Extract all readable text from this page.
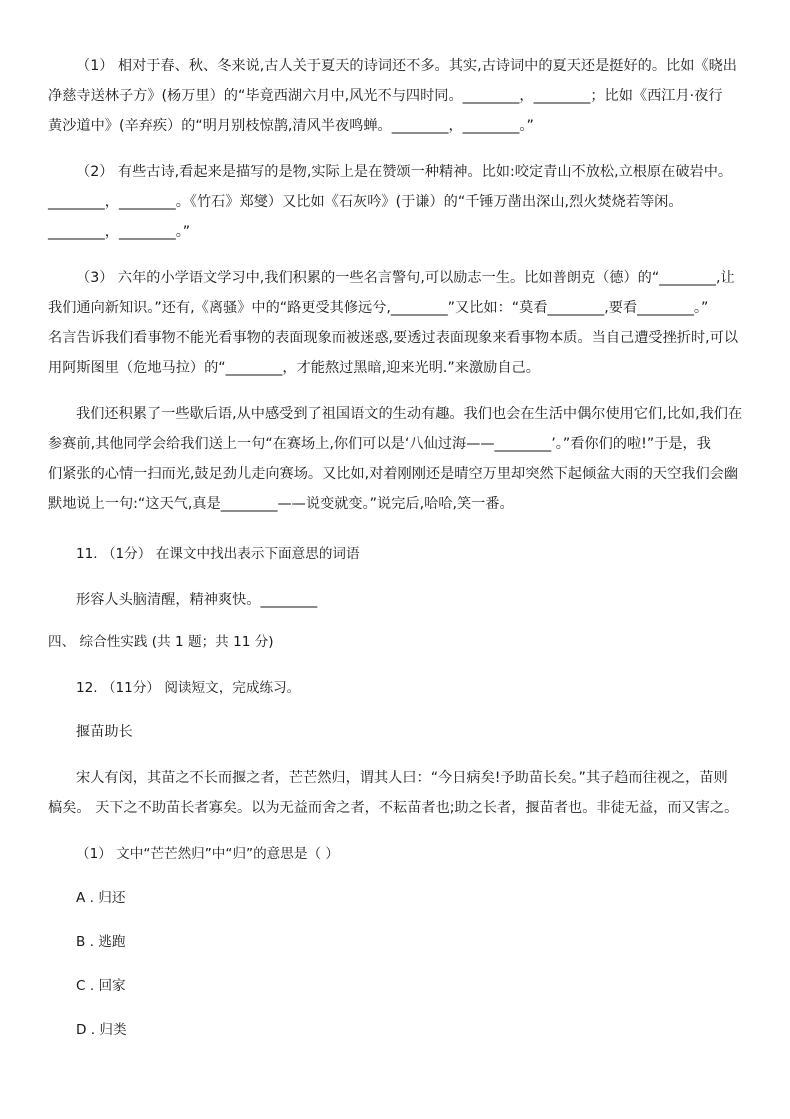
（1） 相对于春、秋、冬来说,古人关于夏天的诗词还不多。其实,古诗词中的夏天还是挺好的。比如《晓出
净慈寺送林子方》(杨万里）的“毕竟西湖六月中,风光不与四时同。________，________；比如《西江月·夜行
黄沙道中》(辛弃疾）的“明月别枝惊鹊,清风半夜鸣蝉。________，________。”
（2） 有些古诗,看起来是描写的是物,实际上是在赞颂一种精神。比如:咬定青山不放松,立根原在破岩中。
________，________。《竹石》郑燮）又比如《石灰吟》(于谦）的“千锤万凿出深山,烈火焚烧若等闲。
________，________。”
（3） 六年的小学语文学习中,我们积累的一些名言警句,可以励志一生。比如普朗克（德）的“________,让
我们通向新知识。”还有,《离骚》中的“路更受其修远兮,________”又比如：“莫看________,要看________。”
名言告诉我们看事物不能光看事物的表面现象而被迷惑,要透过表面现象来看事物本质。当自己遭受挫折时,可以
用阿斯图里（危地马拉）的“________，才能熬过黑暗,迎来光明.”来激励自己。
我们还积累了一些歇后语,从中感受到了祖国语文的生动有趣。我们也会在生活中偶尔使用它们,比如,我们在
参赛前,其他同学会给我们送上一句“在赛场上,你们可以是‘八仙过海——________’。”看你们的啦!”于是，我
们紧张的心情一扫而光,鼓足劲儿走向赛场。又比如,对着刚刚还是晴空万里却突然下起倾盆大雨的天空我们会幽
默地说上一句:“这天气,真是________——说变就变。”说完后,哈哈,笑一番。
11. （1分） 在课文中找出表示下面意思的词语
形容人头脑清醒，精神爽快。________
四、 综合性实践 (共 1 题；共 11 分)
12. （11分） 阅读短文，完成练习。
揠苗助长
宋人有闵，其苗之不长而揠之者，芒芒然归，谓其人曰：“今日病矣!予助苗长矣。”其子趋而往视之，苗则
槁矣。 天下之不助苗长者寡矣。以为无益而舍之者，不耘苗者也;助之长者，揠苗者也。非徒无益，而又害之。
（1） 文中“芒芒然归”中“归”的意思是（ ）
A . 归还
B . 逃跑
C . 回家
D . 归类
